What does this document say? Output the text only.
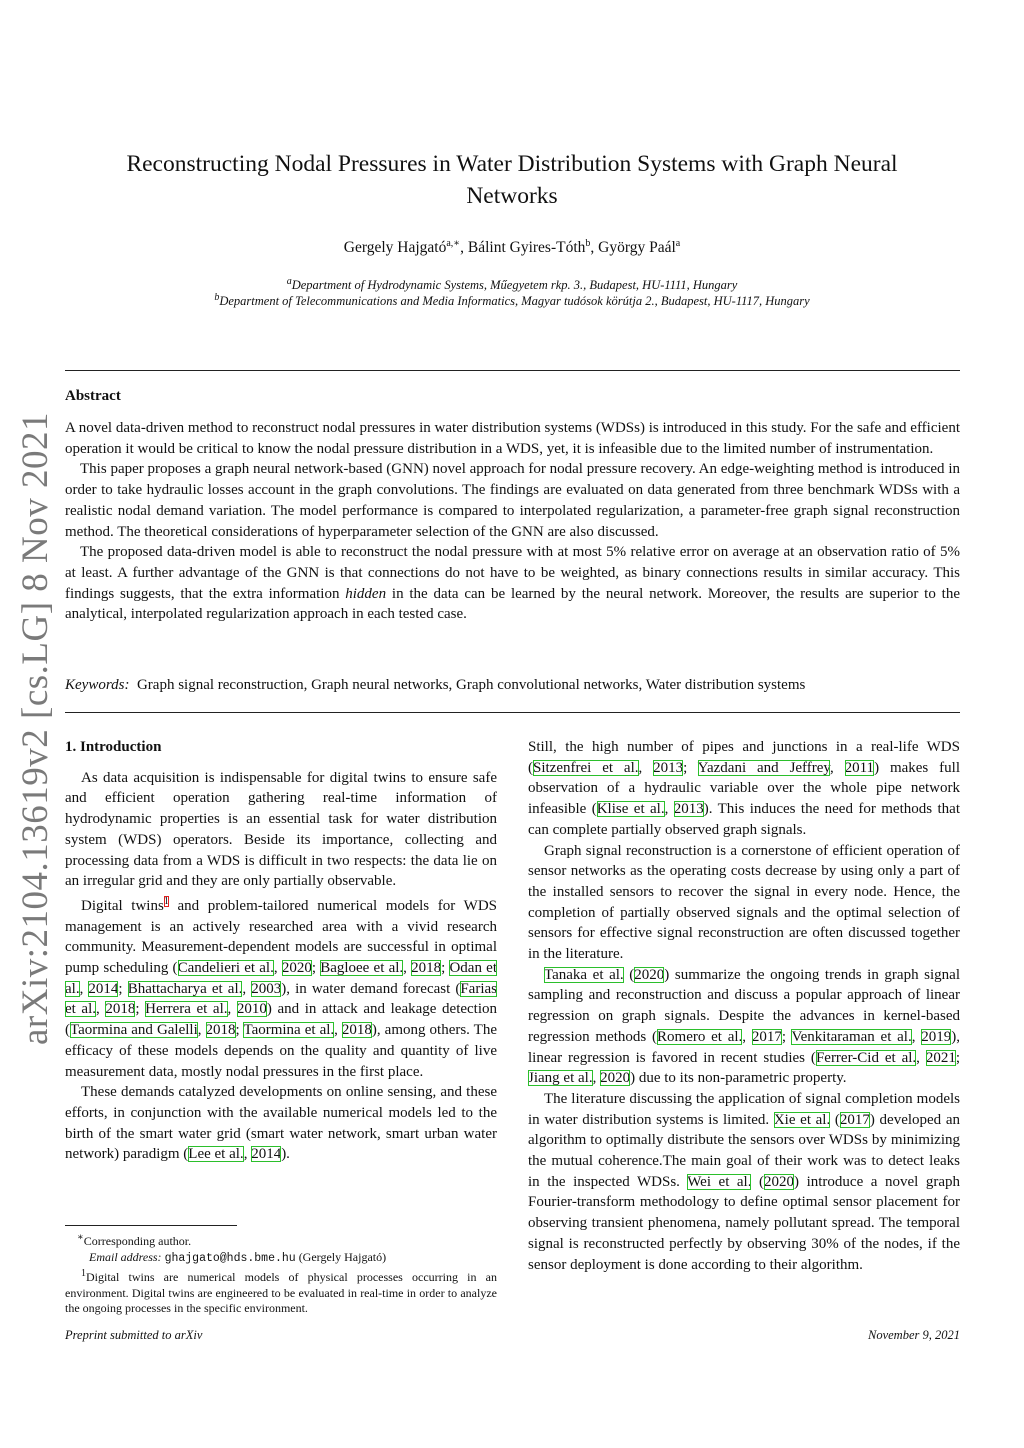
arXiv:2104.13619v2 [cs.LG] 8 Nov 2021
Reconstructing Nodal Pressures in Water Distribution Systems with Graph Neural Networks
Gergely Hajgató$^{a,∗}$, Bálint Gyires-Tóth$^b$, György Paál$^a$
$^a$Department of Hydrodynamic Systems, Műegyetem rkp. 3., Budapest, HU-1111, Hungary
$^b$Department of Telecommunications and Media Informatics, Magyar tudósok körútja 2., Budapest, HU-1117, Hungary
Abstract

A novel data-driven method to reconstruct nodal pressures in water distribution systems (WDSs) is introduced in this study. For the safe and efficient operation it would be critical to know the nodal pressure distribution in a WDS, yet, it is infeasible due to the limited number of instrumentation.

This paper proposes a graph neural network-based (GNN) novel approach for nodal pressure recovery. An edge-weighting method is introduced in order to take hydraulic losses account in the graph convolutions. The findings are evaluated on data generated from three benchmark WDSs with a realistic nodal demand variation. The model performance is compared to interpolated regularization, a parameter-free graph signal reconstruction method. The theoretical considerations of hyperparameter selection of the GNN are also discussed.

The proposed data-driven model is able to reconstruct the nodal pressure with at most 5% relative error on average at an observation ratio of 5% at least. A further advantage of the GNN is that connections do not have to be weighted, as binary connections results in similar accuracy. This findings suggests, that the extra information hidden in the data can be learned by the neural network. Moreover, the results are superior to the analytical, interpolated regularization approach in each tested case.

Keywords: Graph signal reconstruction, Graph neural networks, Graph convolutional networks, Water distribution systems

1. Introduction

As data acquisition is indispensable for digital twins to ensure safe and efficient operation gathering real-time information of hydrodynamic properties is an essential task for water distribution system (WDS) operators. Beside its importance, collecting and processing data from a WDS is difficult in two respects: the data lie on an irregular grid and they are only partially observable.

Digital twins$^1$ and problem-tailored numerical models for WDS management is an actively researched area with a vivid research community. Measurement-dependent models are successful in optimal pump scheduling (Candelieri et al., 2020; Bagloee et al., 2018; Odan et al., 2014; Bhattacharya et al., 2003), in water demand forecast (Farias et al., 2018; Herrera et al., 2010) and in attack and leakage detection (Taormina and Galelli, 2018; Taormina et al., 2018), among others. The efficacy of these models depends on the quality and quantity of live measurement data, mostly nodal pressures in the first place.

These demands catalyzed developments on online sensing, and these efforts, in conjunction with the available numerical models led to the birth of the smart water grid (smart water network, smart urban water network) paradigm (Lee et al., 2014).

Still, the high number of pipes and junctions in a real-life WDS (Sitzenfrei et al., 2013; Yazdani and Jeffrey, 2011) makes full observation of a hydraulic variable over the whole pipe network infeasible (Klise et al., 2013). This induces the need for methods that can complete partially observed graph signals.

Graph signal reconstruction is a cornerstone of efficient operation of sensor networks as the operating costs decrease by using only a part of the installed sensors to recover the signal in every node. Hence, the completion of partially observed signals and the optimal selection of sensors for effective signal reconstruction are often discussed together in the literature.

Tanaka et al. (2020) summarize the ongoing trends in graph signal sampling and reconstruction and discuss a popular approach of linear regression on graph signals. Despite the advances in kernel-based regression methods (Romero et al., 2017; Venkitaraman et al., 2019), linear regression is favored in recent studies (Ferrer-Cid et al., 2021; Jiang et al., 2020) due to its non-parametric property.

The literature discussing the application of signal completion models in water distribution systems is limited. Xie et al. (2017) developed an algorithm to optimally distribute the sensors over WDSs by minimizing the mutual coherence.The main goal of their work was to detect leaks in the inspected WDSs. Wei et al. (2020) introduce a novel graph Fourier-transform methodology to define optimal sensor placement for observing transient phenomena, namely pollutant spread. The temporal signal is reconstructed perfectly by observing 30% of the nodes, if the sensor deployment is done according to their algorithm.

∗Corresponding author.

Email address: ghajgato@hds.bme.hu (Gergely Hajgató)

$^1$Digital twins are numerical models of physical processes occurring in an environment. Digital twins are engineered to be evaluated in real-time in order to analyze the ongoing processes in the specific environment.

Preprint submitted to arXiv	November 9, 2021
